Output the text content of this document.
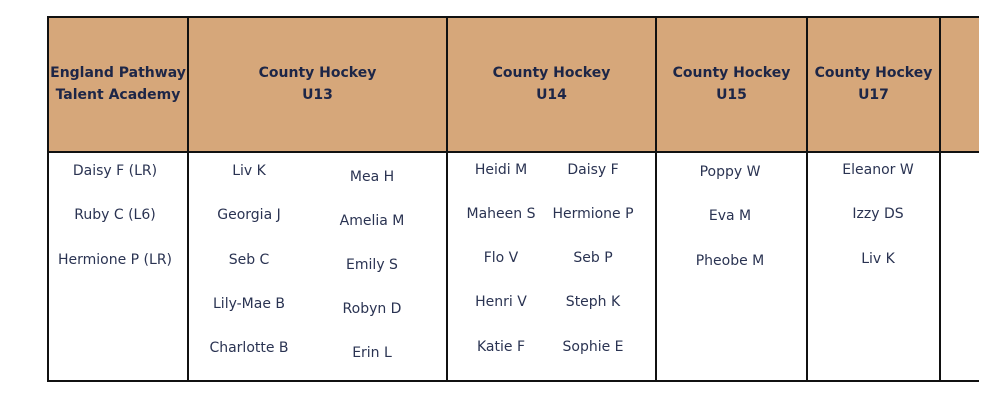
England Pathway
Talent Academy
County Hockey
U13
County Hockey
U14
County Hockey
U15
County Hockey
U17
Daisy F (LR)
Ruby C (L6)
Hermione P (LR)
Liv K
Georgia J
Seb C
Lily-Mae B
Charlotte B
Mea H
Amelia M
Emily S
Robyn D
Erin L
Heidi M
Maheen S
Flo V
Henri V
Katie F
Daisy F
Hermione P
Seb P
Steph K
Sophie E
Poppy W
Eva M
Pheobe M
Eleanor W
Izzy DS
Liv K
